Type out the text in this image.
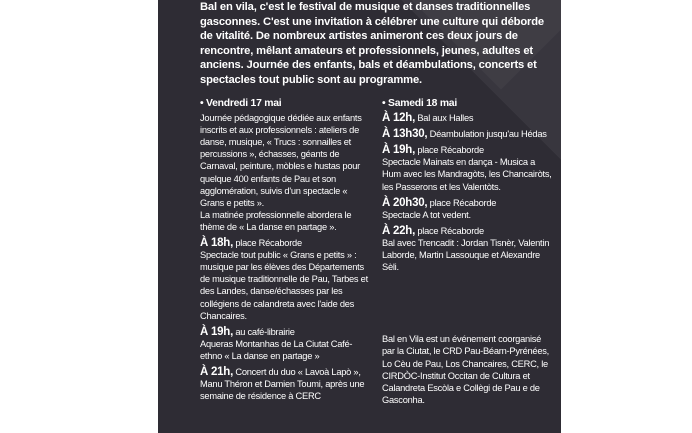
Bal en vila, c'est le festival de musique et danses traditionnelles gasconnes. C'est une invitation à célébrer une culture qui déborde de vitalité. De nombreux artistes animeront ces deux jours de rencontre, mêlant amateurs et professionnels, jeunes, adultes et anciens. Journée des enfants, bals et déambulations, concerts et spectacles tout public sont au programme.
• Vendredi 17 mai

Journée pédagogique dédiée aux enfants inscrits et aux professionnels : ateliers de danse, musique, « Trucs : sonnailles et percussions », échasses, géants de Carnaval, peinture, mòbles e hustas pour quelque 400 enfants de Pau et son agglomération, suivis d'un spectacle « Grans e petits ».

La matinée professionnelle abordera le thème de « La danse en partage ».

À 18h, place Récaborde

Spectacle tout public « Grans e petits » : musique par les élèves des Départements de musique traditionnelle de Pau, Tarbes et des Landes, danse/échasses par les collégiens de calandreta avec l'aide des Chancaires.

À 19h, au café-librairie

Aqueras Montanhas de La Ciutat Café-ethno « La danse en partage »

À 21h, Concert du duo « Lavoà Lapò », Manu Théron et Damien Toumi, après une semaine de résidence à CERC

• Samedi 18 mai

À 12h, Bal aux Halles

À 13h30, Déambulation jusqu'au Hédas

À 19h, place Récaborde

Spectacle Mainats en dança - Musica a Hum avec les Mandragòts, les Chancairòts, les Passerons et les Valentòts.

À 20h30, place Récaborde

Spectacle A tot vedent.

À 22h, place Récaborde

Bal avec Trencadit : Jordan Tisnèr, Valentin Laborde, Martin Lassouque et Alexandre Sèli.

Bal en Vila est un événement coorganisé par la Ciutat, le CRD Pau-Béarn-Pyrénées, Lo Cèu de Pau, Los Chancaires, CERC, le CIRDÒC-Institut Occitan de Cultura et Calandreta Escòla e Collègi de Pau e de Gasconha.
